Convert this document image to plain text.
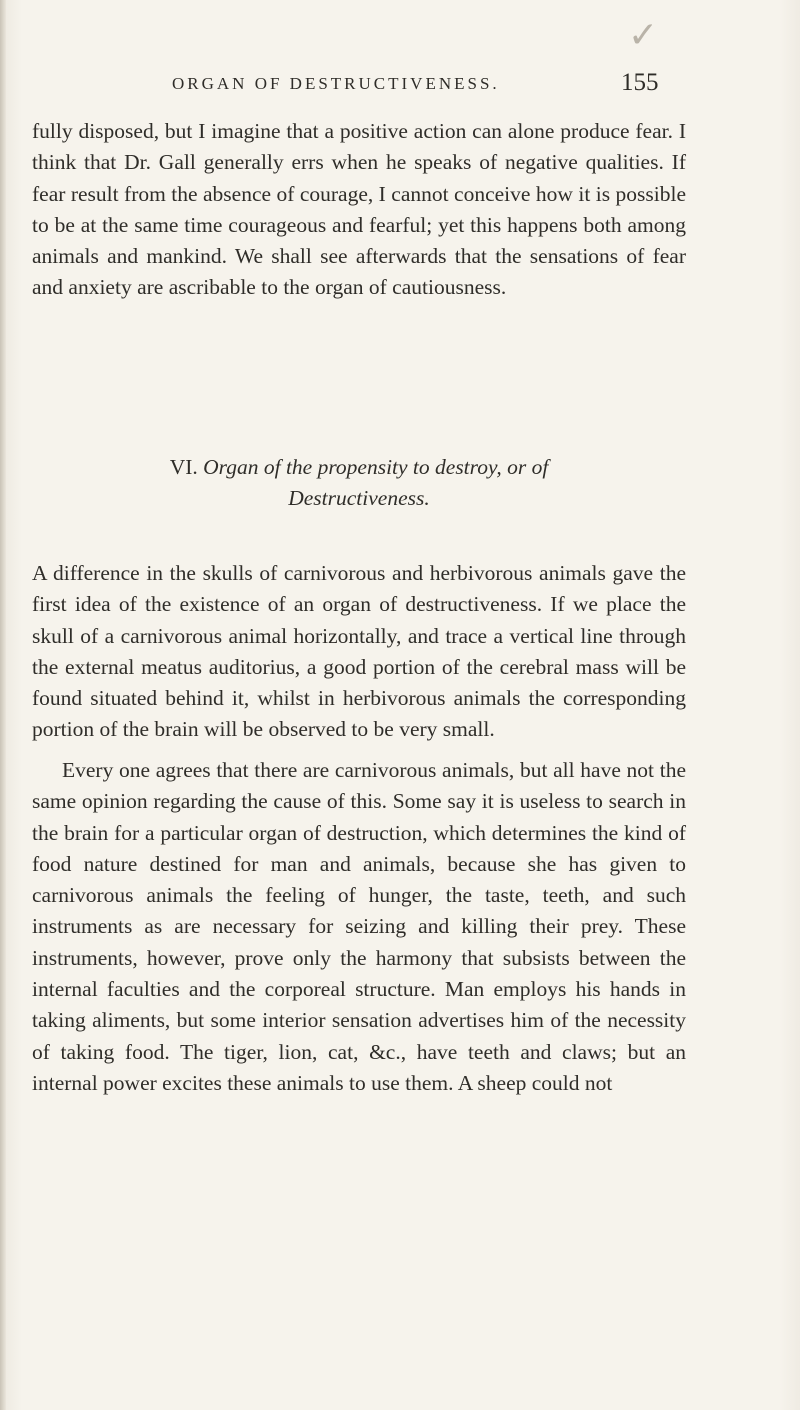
✓
ORGAN OF DESTRUCTIVENESS.	155

fully disposed, but I imagine that a positive action can alone produce fear. I think that Dr. Gall generally errs when he speaks of negative qualities. If fear result from the absence of courage, I cannot conceive how it is possible to be at the same time courageous and fearful; yet this happens both among animals and mankind. We shall see afterwards that the sensations of fear and anxiety are ascribable to the organ of cautiousness.

VI. Organ of the propensity to destroy, or of
Destructiveness.

A difference in the skulls of carnivorous and herbivorous animals gave the first idea of the existence of an organ of destructiveness. If we place the skull of a carnivorous animal horizontally, and trace a vertical line through the external meatus auditorius, a good portion of the cerebral mass will be found situated behind it, whilst in herbivorous animals the corresponding portion of the brain will be observed to be very small.

Every one agrees that there are carnivorous animals, but all have not the same opinion regarding the cause of this. Some say it is useless to search in the brain for a particular organ of destruction, which determines the kind of food nature destined for man and animals, because she has given to carnivorous animals the feeling of hunger, the taste, teeth, and such instruments as are necessary for seizing and killing their prey. These instruments, however, prove only the harmony that subsists between the internal faculties and the corporeal structure. Man employs his hands in taking aliments, but some interior sensation advertises him of the necessity of taking food. The tiger, lion, cat, &c., have teeth and claws; but an internal power excites these animals to use them. A sheep could not
